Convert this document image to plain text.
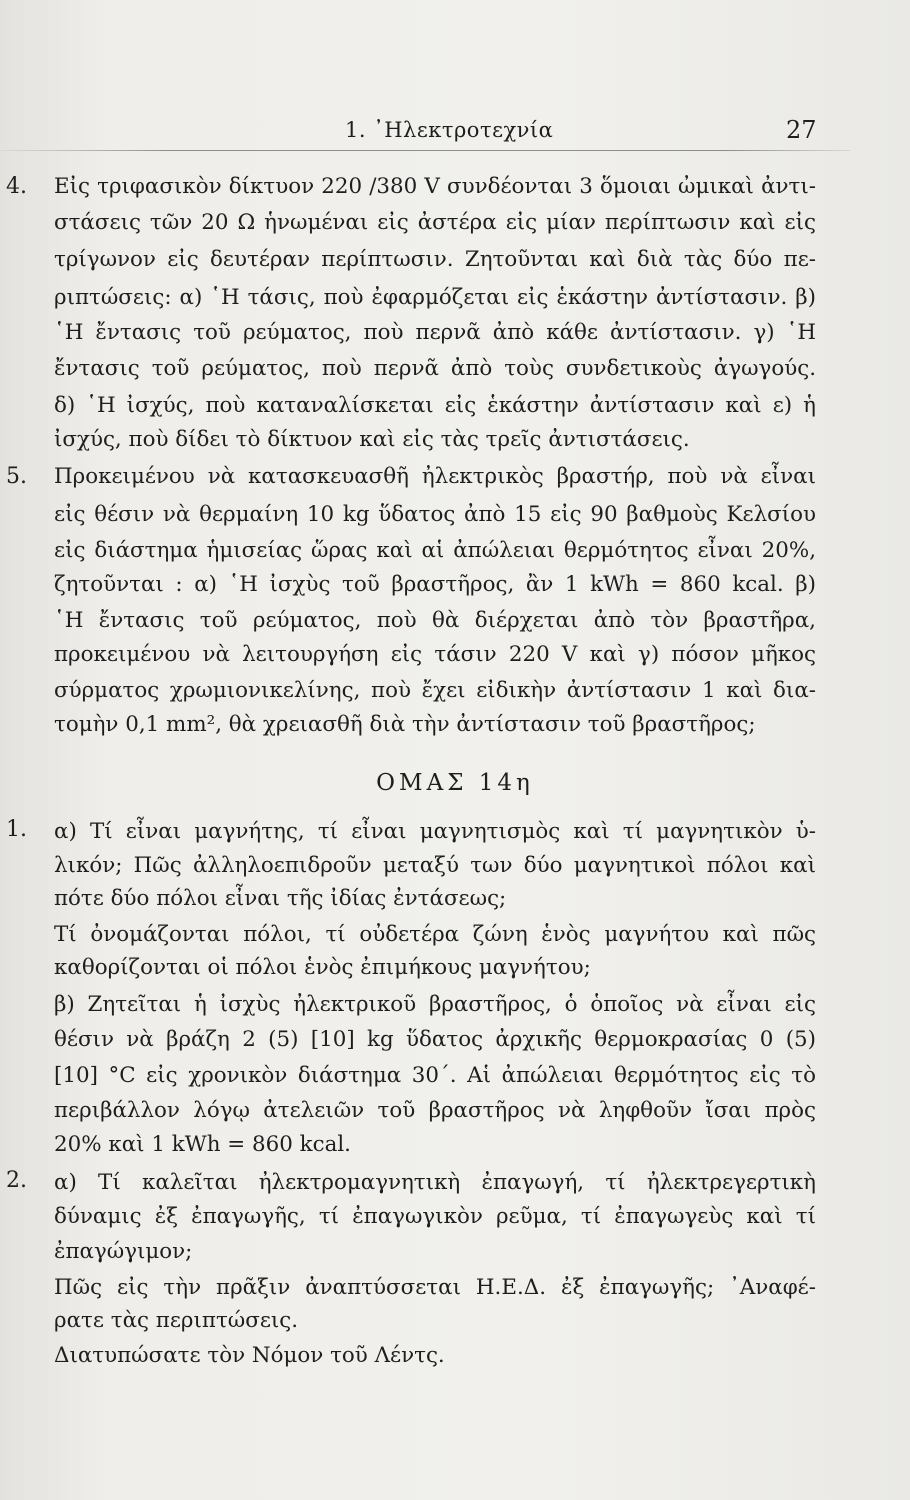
1. ᾿Ηλεκτροτεχνία	27
4. Εἰς τριφασικὸν δίκτυον 220 /380 V συνδέονται 3 ὅμοιαι ὠμικαὶ ἀντι-
στάσεις τῶν 20 Ω ἡνωμέναι εἰς ἀστέρα εἰς μίαν περίπτωσιν καὶ εἰς
τρίγωνον εἰς δευτέραν περίπτωσιν. Ζητοῦνται καὶ διὰ τὰς δύο πε-
ριπτώσεις: α) ῾Η τάσις, ποὺ ἐφαρμόζεται εἰς ἑκάστην ἀντίστασιν. β)
῾Η ἔντασις τοῦ ρεύματος, ποὺ περνᾶ ἀπὸ κάθε ἀντίστασιν. γ) ῾Η
ἔντασις τοῦ ρεύματος, ποὺ περνᾶ ἀπὸ τοὺς συνδετικοὺς ἀγωγούς.
δ) ῾Η ἰσχύς, ποὺ καταναλίσκεται εἰς ἑκάστην ἀντίστασιν καὶ ε) ἡ
ἰσχύς, ποὺ δίδει τὸ δίκτυον καὶ εἰς τὰς τρεῖς ἀντιστάσεις.
5. Προκειμένου νὰ κατασκευασθῆ ἠλεκτρικὸς βραστήρ, ποὺ νὰ εἶναι
εἰς θέσιν νὰ θερμαίνη 10 kg ὕδατος ἀπὸ 15 εἰς 90 βαθμοὺς Κελσίου
εἰς διάστημα ἡμισείας ὥρας καὶ αἱ ἀπώλειαι θερμότητος εἶναι 20%,
ζητοῦνται : α) ῾Η ἰσχὺς τοῦ βραστῆρος, ἂν 1 kWh = 860 kcal. β)
῾Η ἔντασις τοῦ ρεύματος, ποὺ θὰ διέρχεται ἀπὸ τὸν βραστῆρα,
προκειμένου νὰ λειτουργήση εἰς τάσιν 220 V καὶ γ) πόσον μῆκος
σύρματος χρωμιονικελίνης, ποὺ ἔχει εἰδικὴν ἀντίστασιν 1 καὶ δια-
τομὴν 0,1 mm², θὰ χρειασθῆ διὰ τὴν ἀντίστασιν τοῦ βραστῆρος;
ΟΜΑΣ 14η
1. α) Τί εἶναι μαγνήτης, τί εἶναι μαγνητισμὸς καὶ τί μαγνητικὸν ὑ-
λικόν; Πῶς ἀλληλοεπιδροῦν μεταξύ των δύο μαγνητικοὶ πόλοι καὶ
πότε δύο πόλοι εἶναι τῆς ἰδίας ἐντάσεως;
Τί ὀνομάζονται πόλοι, τί οὐδετέρα ζώνη ἑνὸς μαγνήτου καὶ πῶς
καθορίζονται οἱ πόλοι ἑνὸς ἐπιμήκους μαγνήτου;
β) Ζητεῖται ἡ ἰσχὺς ἠλεκτρικοῦ βραστῆρος, ὁ ὁποῖος νὰ εἶναι εἰς
θέσιν νὰ βράζη 2 (5) [10] kg ὕδατος ἀρχικῆς θερμοκρασίας 0 (5)
[10] °C εἰς χρονικὸν διάστημα 30΄. Αἱ ἀπώλειαι θερμότητος εἰς τὸ
περιβάλλον λόγῳ ἀτελειῶν τοῦ βραστῆρος νὰ ληφθοῦν ἴσαι πρὸς
20% καὶ 1 kWh = 860 kcal.
2. α) Τί καλεῖται ἠλεκτρομαγνητικὴ ἐπαγωγή, τί ἠλεκτρεγερτικὴ
δύναμις ἐξ ἐπαγωγῆς, τί ἐπαγωγικὸν ρεῦμα, τί ἐπαγωγεὺς καὶ τί
ἐπαγώγιμον;
Πῶς εἰς τὴν πρᾶξιν ἀναπτύσσεται Η.Ε.Δ. ἐξ ἐπαγωγῆς; ᾿Αναφέ-
ρατε τὰς περιπτώσεις.
Διατυπώσατε τὸν Νόμον τοῦ Λέντς.
